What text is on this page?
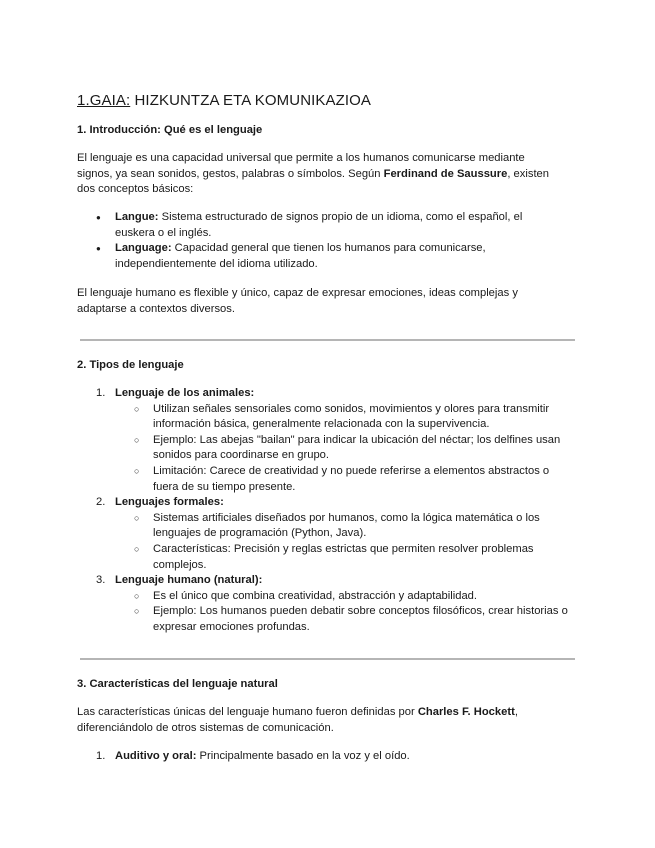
1.GAIA: HIZKUNTZA ETA KOMUNIKAZIOA
1. Introducción: Qué es el lenguaje

El lenguaje es una capacidad universal que permite a los humanos comunicarse mediante signos, ya sean sonidos, gestos, palabras o símbolos. Según Ferdinand de Saussure, existen dos conceptos básicos:

● Langue: Sistema estructurado de signos propio de un idioma, como el español, el euskera o el inglés.
● Language: Capacidad general que tienen los humanos para comunicarse, independientemente del idioma utilizado.

El lenguaje humano es flexible y único, capaz de expresar emociones, ideas complejas y adaptarse a contextos diversos.

2. Tipos de lenguaje
1. Lenguaje de los animales:
○ Utilizan señales sensoriales como sonidos, movimientos y olores para transmitir información básica, generalmente relacionada con la supervivencia.
○ Ejemplo: Las abejas "bailan" para indicar la ubicación del néctar; los delfines usan sonidos para coordinarse en grupo.
○ Limitación: Carece de creatividad y no puede referirse a elementos abstractos o fuera de su tiempo presente.
2. Lenguajes formales:
○ Sistemas artificiales diseñados por humanos, como la lógica matemática o los lenguajes de programación (Python, Java).
○ Características: Precisión y reglas estrictas que permiten resolver problemas complejos.
3. Lenguaje humano (natural):
○ Es el único que combina creatividad, abstracción y adaptabilidad.
○ Ejemplo: Los humanos pueden debatir sobre conceptos filosóficos, crear historias o expresar emociones profundas.
3. Características del lenguaje natural

Las características únicas del lenguaje humano fueron definidas por Charles F. Hockett, diferenciándolo de otros sistemas de comunicación.

1. Auditivo y oral: Principalmente basado en la voz y el oído.
